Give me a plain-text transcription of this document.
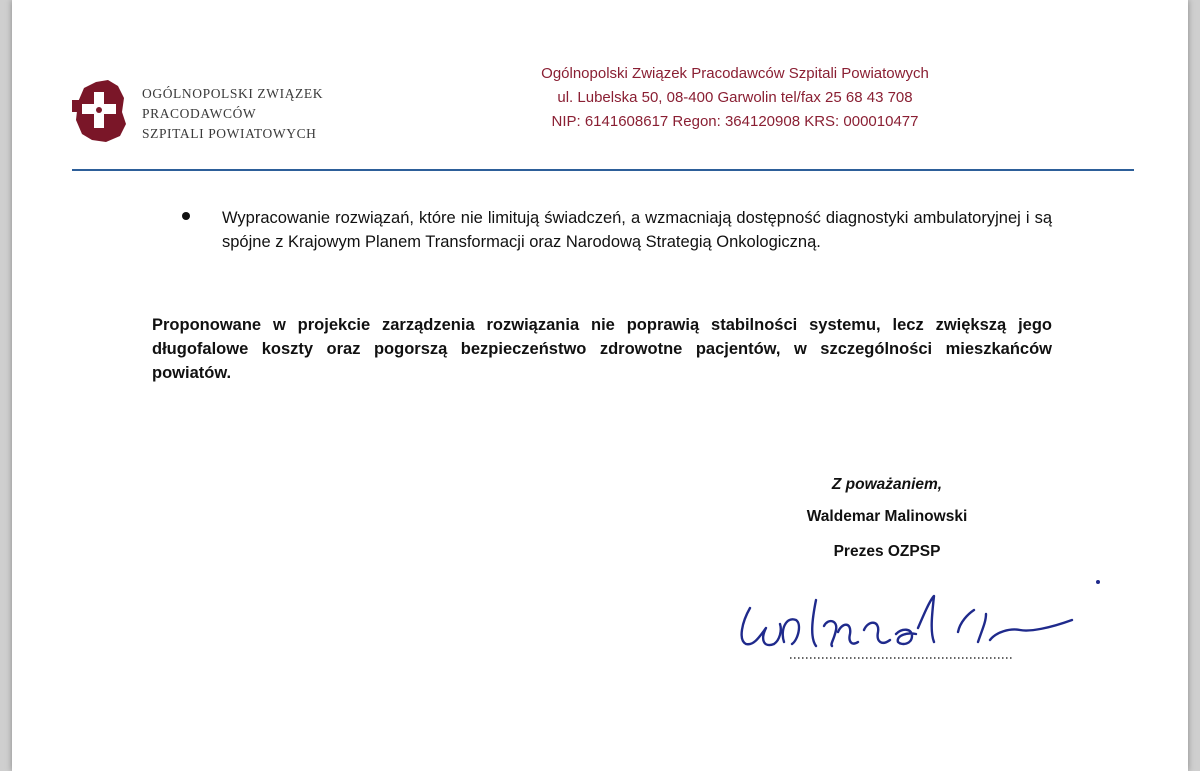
OGÓLNOPOLSKI ZWIĄZEK
PRACODAWCÓW
SZPITALI POWIATOWYCH
Ogólnopolski Związek Pracodawców Szpitali Powiatowych
ul. Lubelska 50, 08-400 Garwolin tel/fax 25 68 43 708
NIP: 6141608617 Regon: 364120908 KRS: 000010477
Wypracowanie rozwiązań, które nie limitują świadczeń, a wzmacniają dostępność diagnostyki ambulatoryjnej i są spójne z Krajowym Planem Transformacji oraz Narodową Strategią Onkologiczną.
Proponowane w projekcie zarządzenia rozwiązania nie poprawią stabilności systemu, lecz zwiększą jego długofalowe koszty oraz pogorszą bezpieczeństwo zdrowotne pacjentów, w szczególności mieszkańców powiatów.
Z poważaniem,
Waldemar Malinowski
Prezes OZPSP
